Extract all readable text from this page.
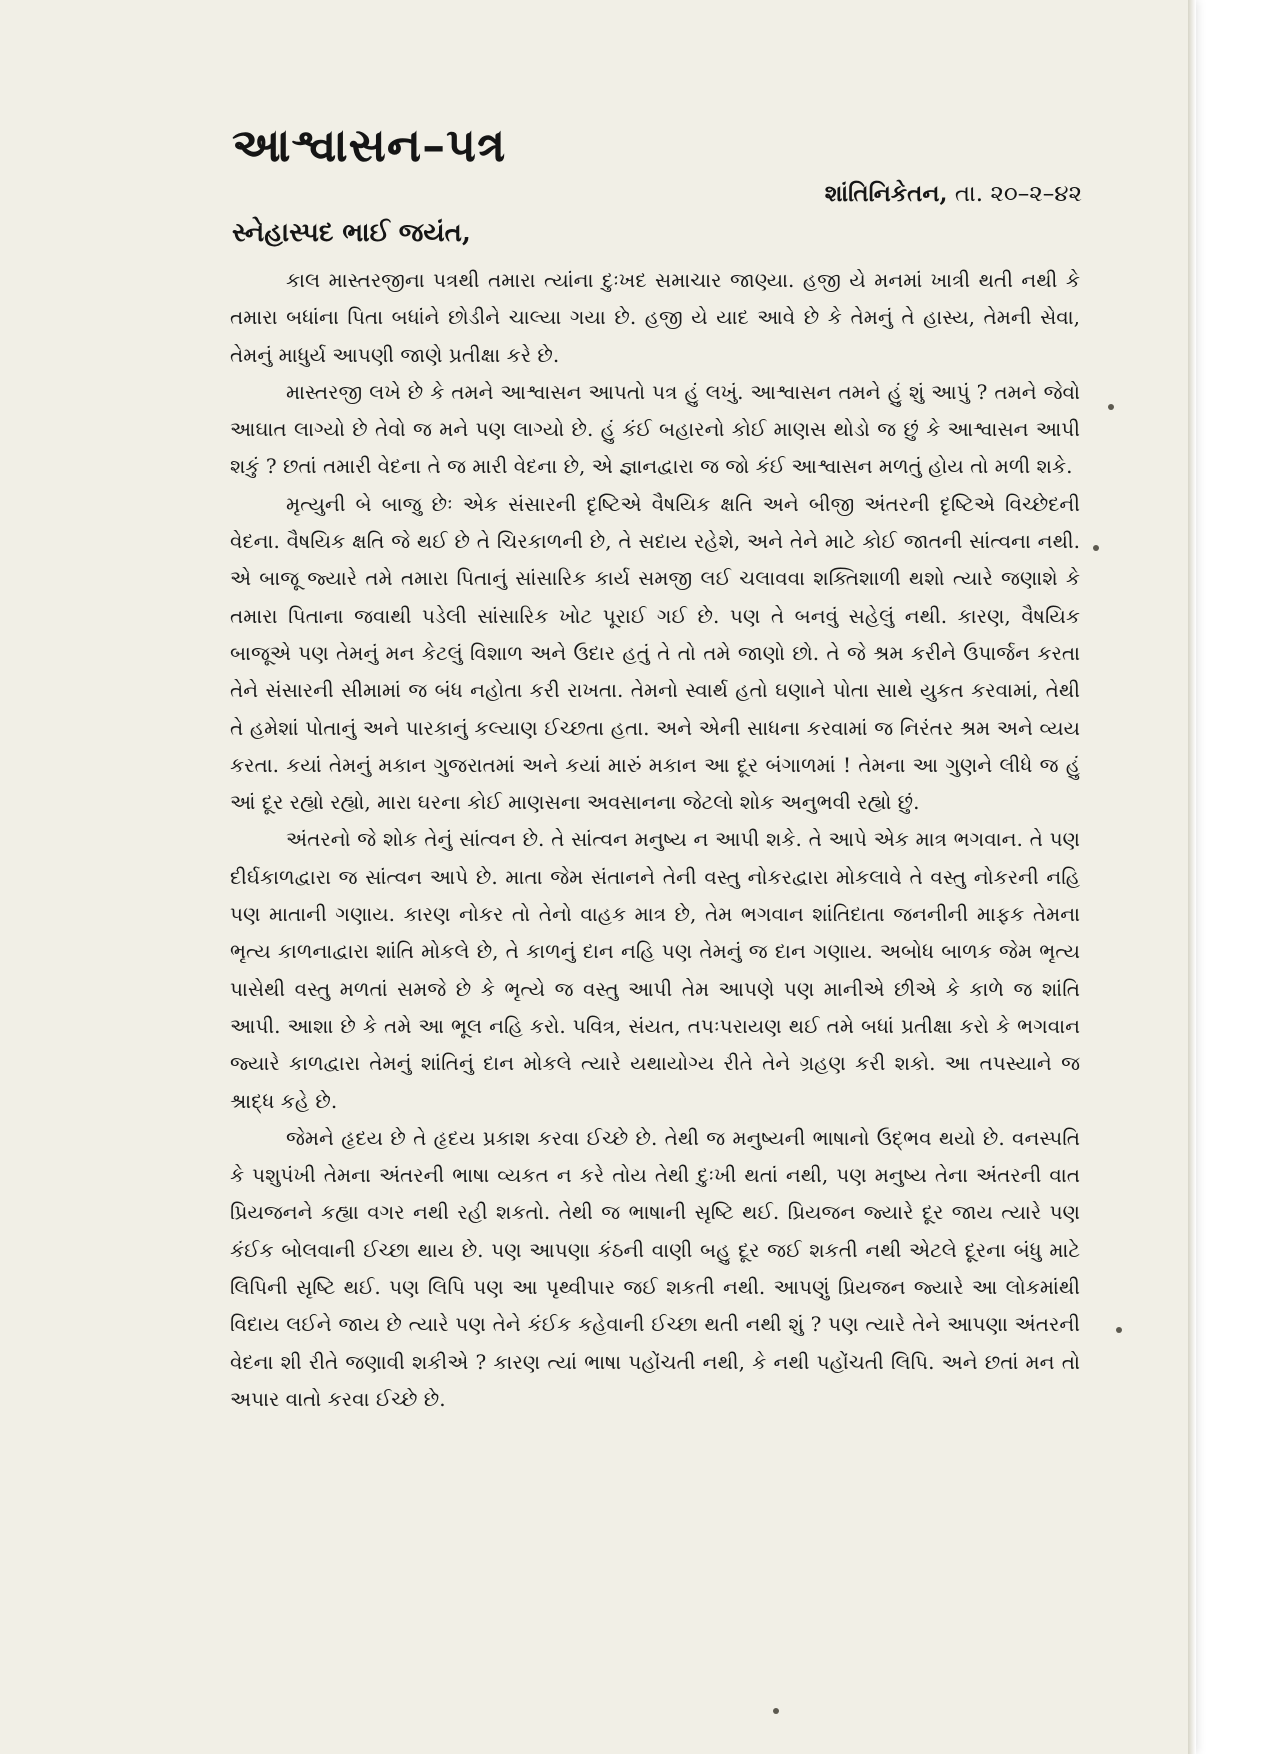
આશ્વાસન–પત્ર
શાંતિનિકેતન, તા. ૨૦–૨–૪૨
સ્નેહાસ્પદ ભાઈ જયંત,

કાલ માસ્તરજીના પત્રથી તમારા ત્યાંના દુઃખદ સમાચાર જાણ્યા. હજી યે મનમાં ખાત્રી થતી નથી કે તમારા બધાંના પિતા બધાંને છોડીને ચાલ્યા ગયા છે. હજી યે યાદ આવે છે કે તેમનું તે હાસ્ય, તેમની સેવા, તેમનું માધુર્ય આપણી જાણે પ્રતીક્ષા કરે છે.

માસ્તરજી લખે છે કે તમને આશ્વાસન આપતો પત્ર હું લખું. આશ્વાસન તમને હું શું આપું ? તમને જેવો આઘાત લાગ્યો છે તેવો જ મને પણ લાગ્યો છે. હું કંઈ બહારનો કોઈ માણસ થોડો જ છું કે આશ્વાસન આપી શકું ? છતાં તમારી વેદના તે જ મારી વેદના છે, એ જ્ઞાનદ્વારા જ જો કંઈ આશ્વાસન મળતું હોય તો મળી શકે.

મૃત્યુની બે બાજુ છેઃ એક સંસારની દૃષ્ટિએ વૈષયિક ક્ષતિ અને બીજી અંતરની દૃષ્ટિએ વિચ્છેદની વેદના. વૈષયિક ક્ષતિ જે થઈ છે તે ચિરકાળની છે, તે સદાય રહેશે, અને તેને માટે કોઈ જાતની સાંત્વના નથી. એ બાજૂ જ્યારે તમે તમારા પિતાનું સાંસારિક કાર્ય સમજી લઈ ચલાવવા શક્તિશાળી થશો ત્યારે જણાશે કે તમારા પિતાના જવાથી પડેલી સાંસારિક ખોટ પૂરાઈ ગઈ છે. પણ તે બનવું સહેલું નથી. કારણ, વૈષયિક બાજૂએ પણ તેમનું મન કેટલું વિશાળ અને ઉદાર હતું તે તો તમે જાણો છો. તે જે શ્રમ કરીને ઉપાર્જન કરતા તેને સંસારની સીમામાં જ બંધ નહોતા કરી રાખતા. તેમનો સ્વાર્થ હતો ઘણાને પોતા સાથે યુકત કરવામાં, તેથી તે હમેશાં પોતાનું અને પારકાનું કલ્યાણ ઈચ્છતા હતા. અને એની સાધના કરવામાં જ નિરંતર શ્રમ અને વ્યય કરતા. કયાં તેમનું મકાન ગુજરાતમાં અને કયાં મારું મકાન આ દૂર બંગાળમાં ! તેમના આ ગુણને લીધે જ હું આં દૂર રહ્યો રહ્યો, મારા ઘરના કોઈ માણસના અવસાનના જેટલો શોક અનુભવી રહ્યો છું.

અંતરનો જે શોક તેનું સાંત્વન છે. તે સાંત્વન મનુષ્ય ન આપી શકે. તે આપે એક માત્ર ભગવાન. તે પણ દીર્ઘકાળદ્વારા જ સાંત્વન આપે છે. માતા જેમ સંતાનને તેની વસ્તુ નોકરદ્વારા મોકલાવે તે વસ્તુ નોકરની નહિ પણ માતાની ગણાય. કારણ નોકર તો તેનો વાહક માત્ર છે, તેમ ભગવાન શાંતિદાતા જનનીની માફક તેમના ભૃત્ય કાળનાદ્વારા શાંતિ મોકલે છે, તે કાળનું દાન નહિ પણ તેમનું જ દાન ગણાય. અબોધ બાળક જેમ ભૃત્ય પાસેથી વસ્તુ મળતાં સમજે છે કે ભૃત્યે જ વસ્તુ આપી તેમ આપણે પણ માનીએ છીએ કે કાળે જ શાંતિ આપી. આશા છે કે તમે આ ભૂલ નહિ કરો. પવિત્ર, સંયત, તપઃપરાયણ થઈ તમે બધાં પ્રતીક્ષા કરો કે ભગવાન જ્યારે કાળદ્વારા તેમનું શાંતિનું દાન મોકલે ત્યારે યથાયોગ્ય રીતે તેને ગ્રહણ કરી શકો. આ તપસ્યાને જ શ્રાદ્ધ કહે છે.

જેમને હૃદય છે તે હૃદય પ્રકાશ કરવા ઈચ્છે છે. તેથી જ મનુષ્યની ભાષાનો ઉદ્ભવ થયો છે. વનસ્પતિ કે પશુપંખી તેમના અંતરની ભાષા વ્યકત ન કરે તોય તેથી દુઃખી થતાં નથી, પણ મનુષ્ય તેના અંતરની વાત પ્રિયજનને કહ્યા વગર નથી રહી શકતો. તેથી જ ભાષાની સૃષ્ટિ થઈ. પ્રિયજન જ્યારે દૂર જાય ત્યારે પણ કંઈક બોલવાની ઈચ્છા થાય છે. પણ આપણા કંઠની વાણી બહુ દૂર જઈ શકતી નથી એટલે દૂરના બંધુ માટે લિપિની સૃષ્ટિ થઈ. પણ લિપિ પણ આ પૃથ્વીપાર જઈ શકતી નથી. આપણું પ્રિયજન જ્યારે આ લોકમાંથી વિદાય લઈને જાય છે ત્યારે પણ તેને કંઈક કહેવાની ઈચ્છા થતી નથી શું ? પણ ત્યારે તેને આપણા અંતરની વેદના શી રીતે જણાવી શકીએ ? કારણ ત્યાં ભાષા પહોંચતી નથી, કે નથી પહોંચતી લિપિ. અને છતાં મન તો અપાર વાતો કરવા ઈચ્છે છે.
